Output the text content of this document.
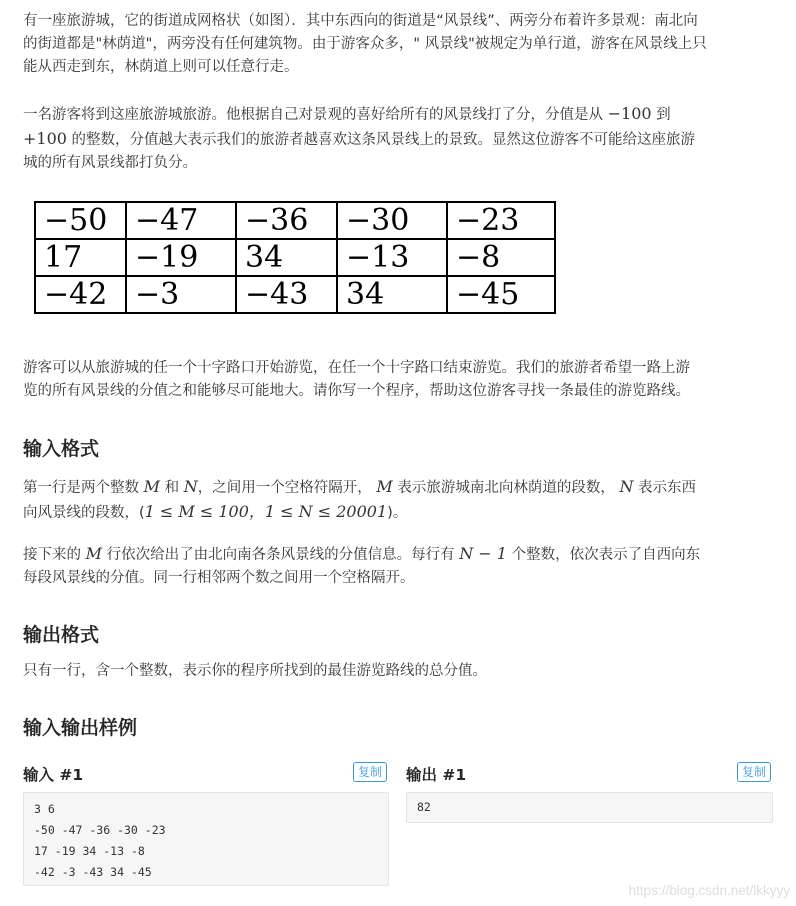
有一座旅游城，它的街道成网格状（如图）．其中东西向的街道是“风景线”、两旁分布着许多景观：南北向
的街道都是"林荫道"，两旁没有任何建筑物。由于游客众多，" 风景线"被规定为单行道，游客在风景线上只
能从西走到东，林荫道上则可以任意行走。

一名游客将到这座旅游城旅游。他根据自己对景观的喜好给所有的风景线打了分，分值是从 −100 到
+100 的整数，分值越大表示我们的旅游者越喜欢这条风景线上的景致。显然这位游客不可能给这座旅游
城的所有风景线都打负分。

−50	−47	−36	−30	−23
17	−19	34	−13	−8
−42	−3	−43	34	−45

游客可以从旅游城的任一个十字路口开始游览，在任一个十字路口结束游览。我们的旅游者希望一路上游
览的所有风景线的分值之和能够尽可能地大。请你写一个程序，帮助这位游客寻找一条最佳的游览路线。

输入格式

第一行是两个整数 M 和 N，之间用一个空格符隔开， M 表示旅游城南北向林荫道的段数， N 表示东西
向风景线的段数，(1 ≤ M ≤ 100，1 ≤ N ≤ 20001)。

接下来的 M 行依次给出了由北向南各条风景线的分值信息。每行有 N − 1 个整数，依次表示了自西向东
每段风景线的分值。同一行相邻两个数之间用一个空格隔开。

输出格式

只有一行，含一个整数，表示你的程序所找到的最佳游览路线的总分值。

输入输出样例
输入 #1	复制	输出 #1	复制
3 6
-50 -47 -36 -30 -23
17 -19 34 -13 -8
-42 -3 -43 34 -45
82
https://blog.csdn.net/lkkyyy
